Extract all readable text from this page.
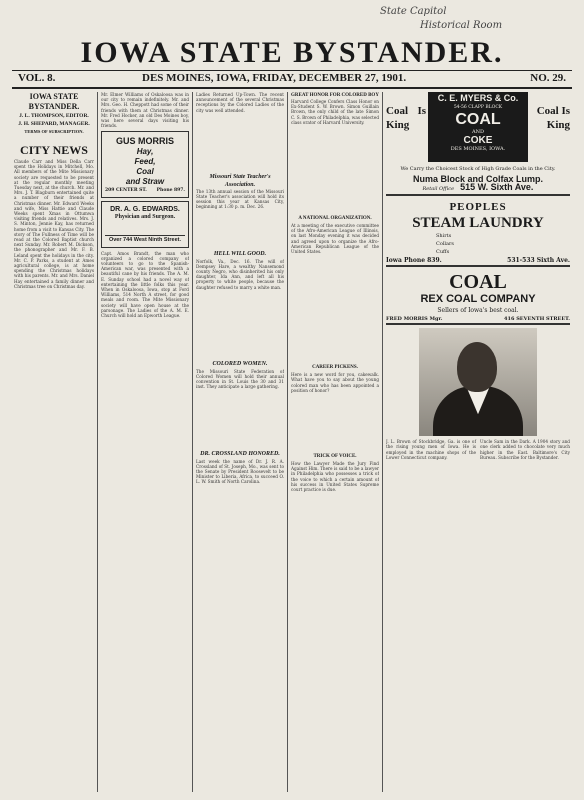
State Capitol
Historical Room
IOWA STATE BYSTANDER.
VOL. 8.	DES MOINES, IOWA, FRIDAY, DECEMBER 27, 1901.	NO. 29.
IOWA STATE BYSTANDER.
J. L. THOMPSON, EDITOR.
J. H. SHEPARD, MANAGER.
TERMS OF SUBSCRIPTION.
CITY NEWS
Claude Carr and Miss Della Carr spent the Holidays in Mitchell, Mo. All members of the Mite Missionary society are requested to be present at the regular monthly meeting Tuesday next, at the church. Mr. and Mrs. J. T. Blagburn entertained quite a number of their friends at Christmas dinner. Mr. Edward Weeks and wife, Miss Hattie and Claude Weeks spent Xmas in Ottumwa visiting friends and relatives. Mrs. J. S. Minton, Jennie Kay, has returned home from a visit to Kansas City. The story of The Fullness of Time will be read at the Colored Baptist church next Sunday. Mr. Robert M. Dickson, the phonographer and Mr. F. B. Leland spent the holidays in the city. Mr. C. P. Parks, a student at Ames agricultural college, is at home spending the Christmas holidays with his parents. Mr. and Mrs. Daniel Hay entertained a family dinner and Christmas tree on Christmas day.
Mr. Elmer Williams of Oskaloosa was in our city to remain indefinitely. Mr. and Mrs. Geo. H. Cheppott had some of their friends with them at Christmas dinner. Mr. Fred Hocker, an old Des Moines boy, was here several days visiting his friends.
GUS MORRIS
Hay,
Feed,
Coal
and Straw
209 CENTER ST. Phone 897.
DR. A. G. EDWARDS.
Physician and Surgeon.
Over 744 West Ninth Street.
Capt. Amos Brandt, the man who organized a colored company of volunteers to go to the Spanish-American war, was presented with a beautiful cane by his friends. The A. M. E. Sunday school had a novel way of entertaining the little folks this year. When in Oskaloosa, Iowa, stop at Ford Williams, 514 North A street, for good meals and room. The Mite Missionary society will have open house at the parsonage. The Ladies of the A. M. E. Church will hold an Epworth League.
Ladies Returned Up-Town. The recent announcement of the several Christmas receptions by the Colored Ladies of the city was well attended.
Missouri State Teacher's Association.
The 13th annual session of the Missouri State Teacher's association will hold its session this year at Kansas City, beginning at 1:30 p. m. Dec. 26.
HELL WILL GOOD.
Norfolk, Va., Dec. 16. The will of Dempsey Hare, a wealthy Nansemond county Negro, who disinherited his only daughter, Ida Ann, and left all his property to white people, because the daughter refused to marry a white man.
COLORED WOMEN.
The Missouri State Federation of Colored Women will hold their annual convention in St. Louis the 30 and 31 inst. They anticipate a large gathering.
DR. CROSSLAND HONORED.
Last week the name of Dr. J. R. A. Crossland of St. Joseph, Mo., was sent to the Senate by President Roosevelt to be Minister to Liberia, Africa, to succeed O. L. W. Smith of North Carolina.
GREAT HONOR FOR COLORED BOY
Harvard College Confers Class Honor on Ex-Student S. W. Brown. Simon Guillain Brown, the only child of the late Simon C. S. Brown of Philadelphia, was selected class orator of Harvard University.
A NATIONAL ORGANIZATION.
At a meeting of the executive committee of the Afro-American League of Illinois, on last Monday evening it was decided and agreed upon to organize the Afro-American Republican League of the United States.
CAREER PICKENS.
Here is a new word for you, cakewalk. What have you to say about the young colored man who has been appointed a position of honor?
TRICK OF VOICE.
How the Lawyer Made the Jury Find Against Him. There is said to be a lawyer in Philadelphia who possesses a trick of the voice to which a certain amount of his success in United States Supreme court practice is due.
Coal Is King
C. E. MYERS & Co.
54-56 CLAPP BLOCK
COAL
AND
COKE
DES MOINES, IOWA.
Coal Is King
We Carry the Choicest Stock of High Grade Coals in the City.
Numa Block and Colfax Lump.
Retail Office 515 W. Sixth Ave.
PEOPLES
STEAM LAUNDRY
Shirts
Collars
Cuffs
Iowa Phone 839.	531-533 Sixth Ave.
COAL
REX COAL COMPANY
Sellers of Iowa's best coal.
FRED MORRIS Mgr.	416 SEVENTH STREET.
J. L. Brown of Stockbridge, Ga. is one of the rising young men of Iowa. He is employed in the machine shops of the Lower Connecticut company.
Uncle Sam in the Dark. A 1904 story and one clerk added to chocolate very much higher in the East. Baltimore's City Bureau. Subscribe for the Bystander.
